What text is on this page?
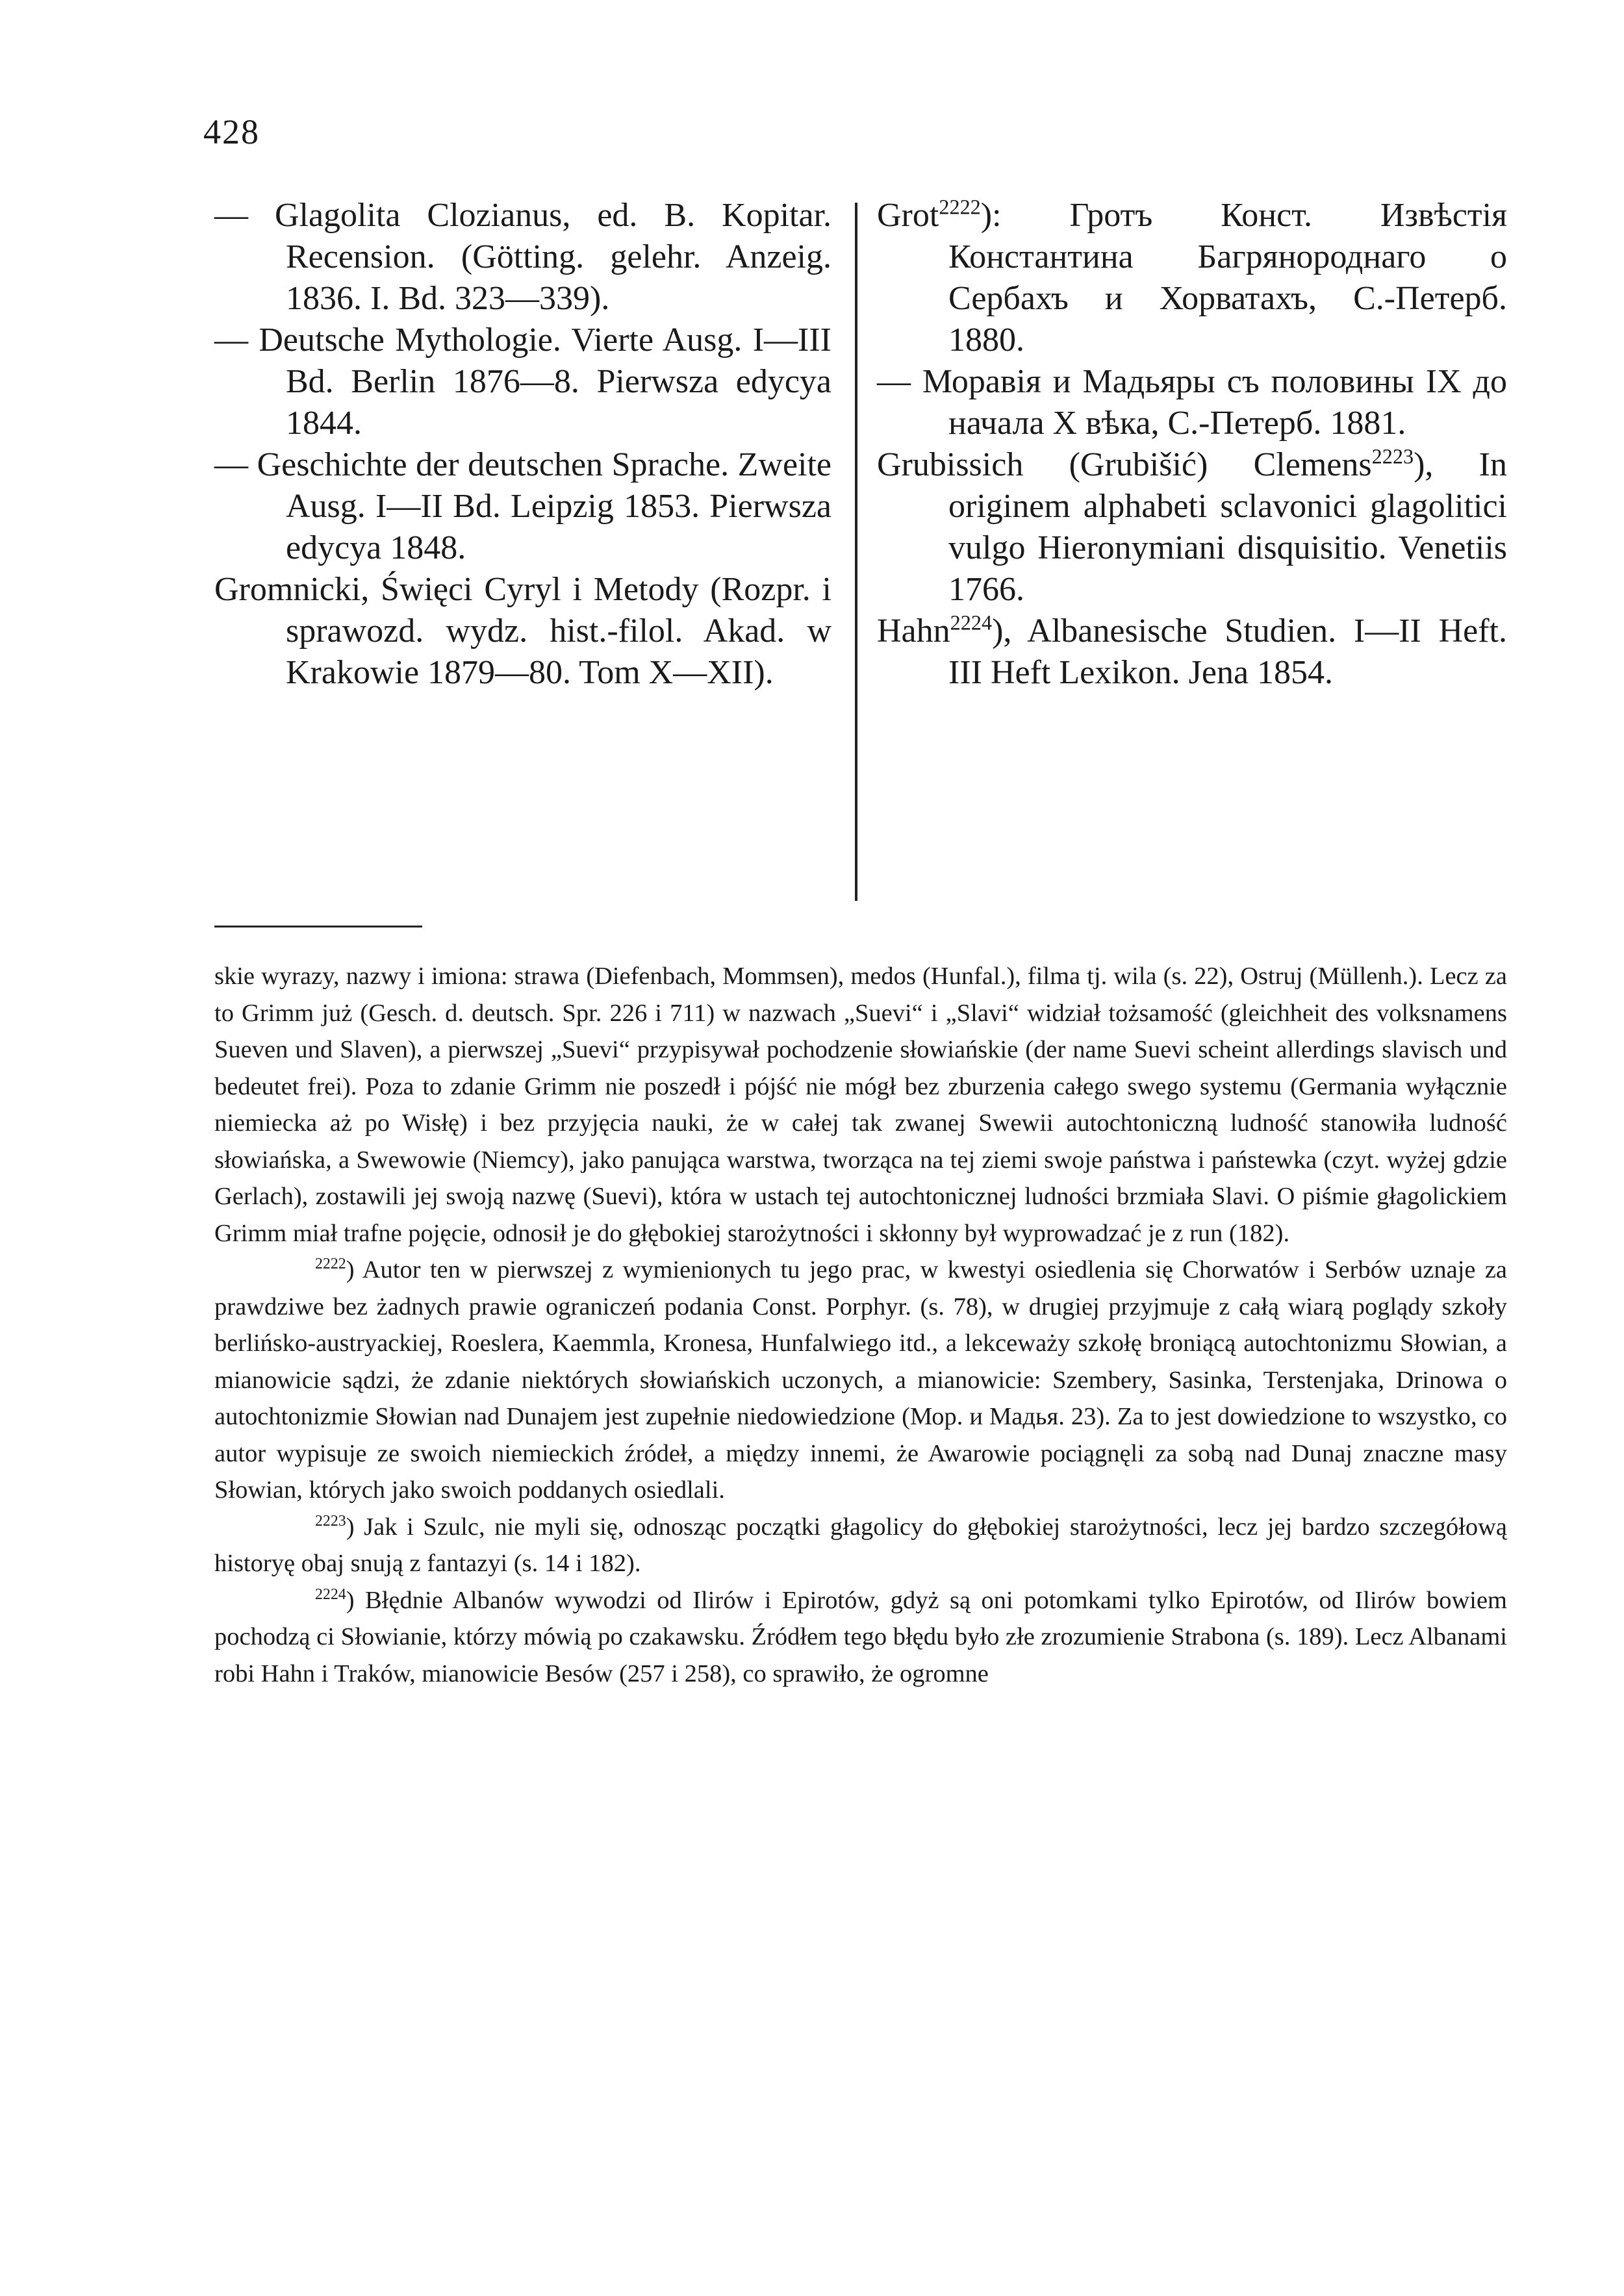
428

— Glagolita Clozianus, ed. B. Kopitar. Recension. (Götting. gelehr. Anzeig. 1836. I. Bd. 323—339).

— Deutsche Mythologie. Vierte Ausg. I—III Bd. Berlin 1876—8. Pierwsza edycya 1844.

— Geschichte der deutschen Sprache. Zweite Ausg. I—II Bd. Leipzig 1853. Pierwsza edycya 1848.

Gromnicki, Święci Cyryl i Metody (Rozpr. i sprawozd. wydz. hist.-filol. Akad. w Krakowie 1879—80. Tom X—XII).

Grot$^{2222}$): Гротъ Конст. Извѣстія Константина Багрянороднаго о Сербахъ и Хорватахъ, С.-Петерб. 1880.

— Моравія и Мадьяры съ половины IX до начала X вѣка, С.-Петерб. 1881.

Grubissich (Grubišić) Clemens$^{2223}$), In originem alphabeti sclavonici glagolitici vulgo Hieronymiani disquisitio. Venetiis 1766.

Hahn$^{2224}$), Albanesische Studien. I—II Heft. III Heft Lexikon. Jena 1854.

skie wyrazy, nazwy i imiona: strawa (Diefenbach, Mommsen), medos (Hunfal.), filma tj. wila (s. 22), Ostruj (Müllenh.). Lecz za to Grimm już (Gesch. d. deutsch. Spr. 226 i 711) w nazwach „Suevi“ i „Slavi“ widział tożsamość (gleichheit des volksnamens Sueven und Slaven), a pierwszej „Suevi“ przypisywał pochodzenie słowiańskie (der name Suevi scheint allerdings slavisch und bedeutet frei). Poza to zdanie Grimm nie poszedł i pójść nie mógł bez zburzenia całego swego systemu (Germania wyłącznie niemiecka aż po Wisłę) i bez przyjęcia nauki, że w całej tak zwanej Swewii autochtoniczną ludność stanowiła ludność słowiańska, a Swewowie (Niemcy), jako panująca warstwa, tworząca na tej ziemi swoje państwa i państewka (czyt. wyżej gdzie Gerlach), zostawili jej swoją nazwę (Suevi), która w ustach tej autochtonicznej ludności brzmiała Slavi. O piśmie głagolickiem Grimm miał trafne pojęcie, odnosił je do głębokiej starożytności i skłonny był wyprowadzać je z run (182).

$^{2222}$) Autor ten w pierwszej z wymienionych tu jego prac, w kwestyi osiedlenia się Chorwatów i Serbów uznaje za prawdziwe bez żadnych prawie ograniczeń podania Const. Porphyr. (s. 78), w drugiej przyjmuje z całą wiarą poglądy szkoły berlińsko-austryackiej, Roeslera, Kaemmla, Kronesa, Hunfalwiego itd., a lekceważy szkołę broniącą autochtonizmu Słowian, a mianowicie sądzi, że zdanie niektórych słowiańskich uczonych, a mianowicie: Szembery, Sasinka, Terstenjaka, Drinowa o autochtonizmie Słowian nad Dunajem jest zupełnie niedowiedzione (Мор. и Мадья. 23). Za to jest dowiedzione to wszystko, co autor wypisuje ze swoich niemieckich źródeł, a między innemi, że Awarowie pociągnęli za sobą nad Dunaj znaczne masy Słowian, których jako swoich poddanych osiedlali.

$^{2223}$) Jak i Szulc, nie myli się, odnosząc początki głagolicy do głębokiej starożytności, lecz jej bardzo szczegółową historyę obaj snują z fantazyi (s. 14 i 182).

$^{2224}$) Błędnie Albanów wywodzi od Ilirów i Epirotów, gdyż są oni potomkami tylko Epirotów, od Ilirów bowiem pochodzą ci Słowianie, którzy mówią po czakawsku. Źródłem tego błędu było złe zrozumienie Strabona (s. 189). Lecz Albanami robi Hahn i Traków, mianowicie Besów (257 i 258), co sprawiło, że ogromne
